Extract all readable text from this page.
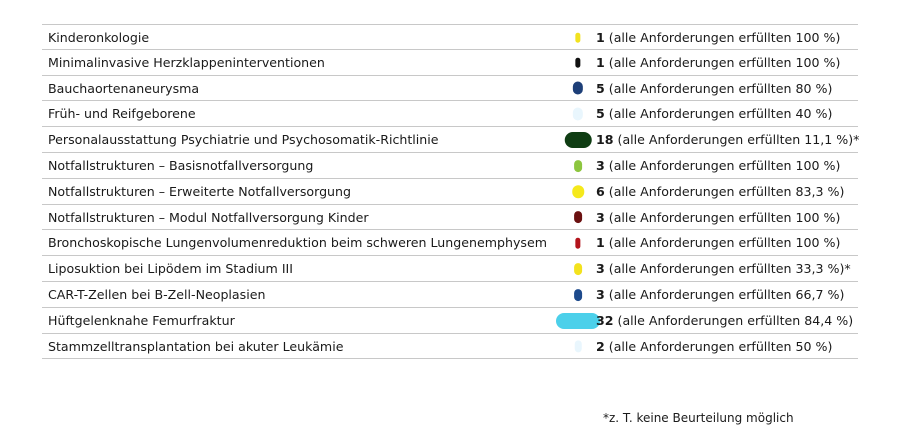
Kinderonkologie	1 (alle Anforderungen erfüllten 100 %)
Minimalinvasive Herzklappeninterventionen	1 (alle Anforderungen erfüllten 100 %)
Bauchaortenaneurysma	5 (alle Anforderungen erfüllten 80 %)
Früh- und Reifgeborene	5 (alle Anforderungen erfüllten 40 %)
Personalausstattung Psychiatrie und Psychosomatik-Richtlinie	18 (alle Anforderungen erfüllten 11,1 %)*
Notfallstrukturen – Basisnotfallversorgung	3 (alle Anforderungen erfüllten 100 %)
Notfallstrukturen – Erweiterte Notfallversorgung	6 (alle Anforderungen erfüllten 83,3 %)
Notfallstrukturen – Modul Notfallversorgung Kinder	3 (alle Anforderungen erfüllten 100 %)
Bronchoskopische Lungenvolumenreduktion beim schweren Lungenemphysem	1 (alle Anforderungen erfüllten 100 %)
Liposuktion bei Lipödem im Stadium III	3 (alle Anforderungen erfüllten 33,3 %)*
CAR-T-Zellen bei B-Zell-Neoplasien	3 (alle Anforderungen erfüllten 66,7 %)
Hüftgelenknahe Femurfraktur	32 (alle Anforderungen erfüllten 84,4 %)
Stammzelltransplantation bei akuter Leukämie	2 (alle Anforderungen erfüllten 50 %)
*z. T. keine Beurteilung möglich
